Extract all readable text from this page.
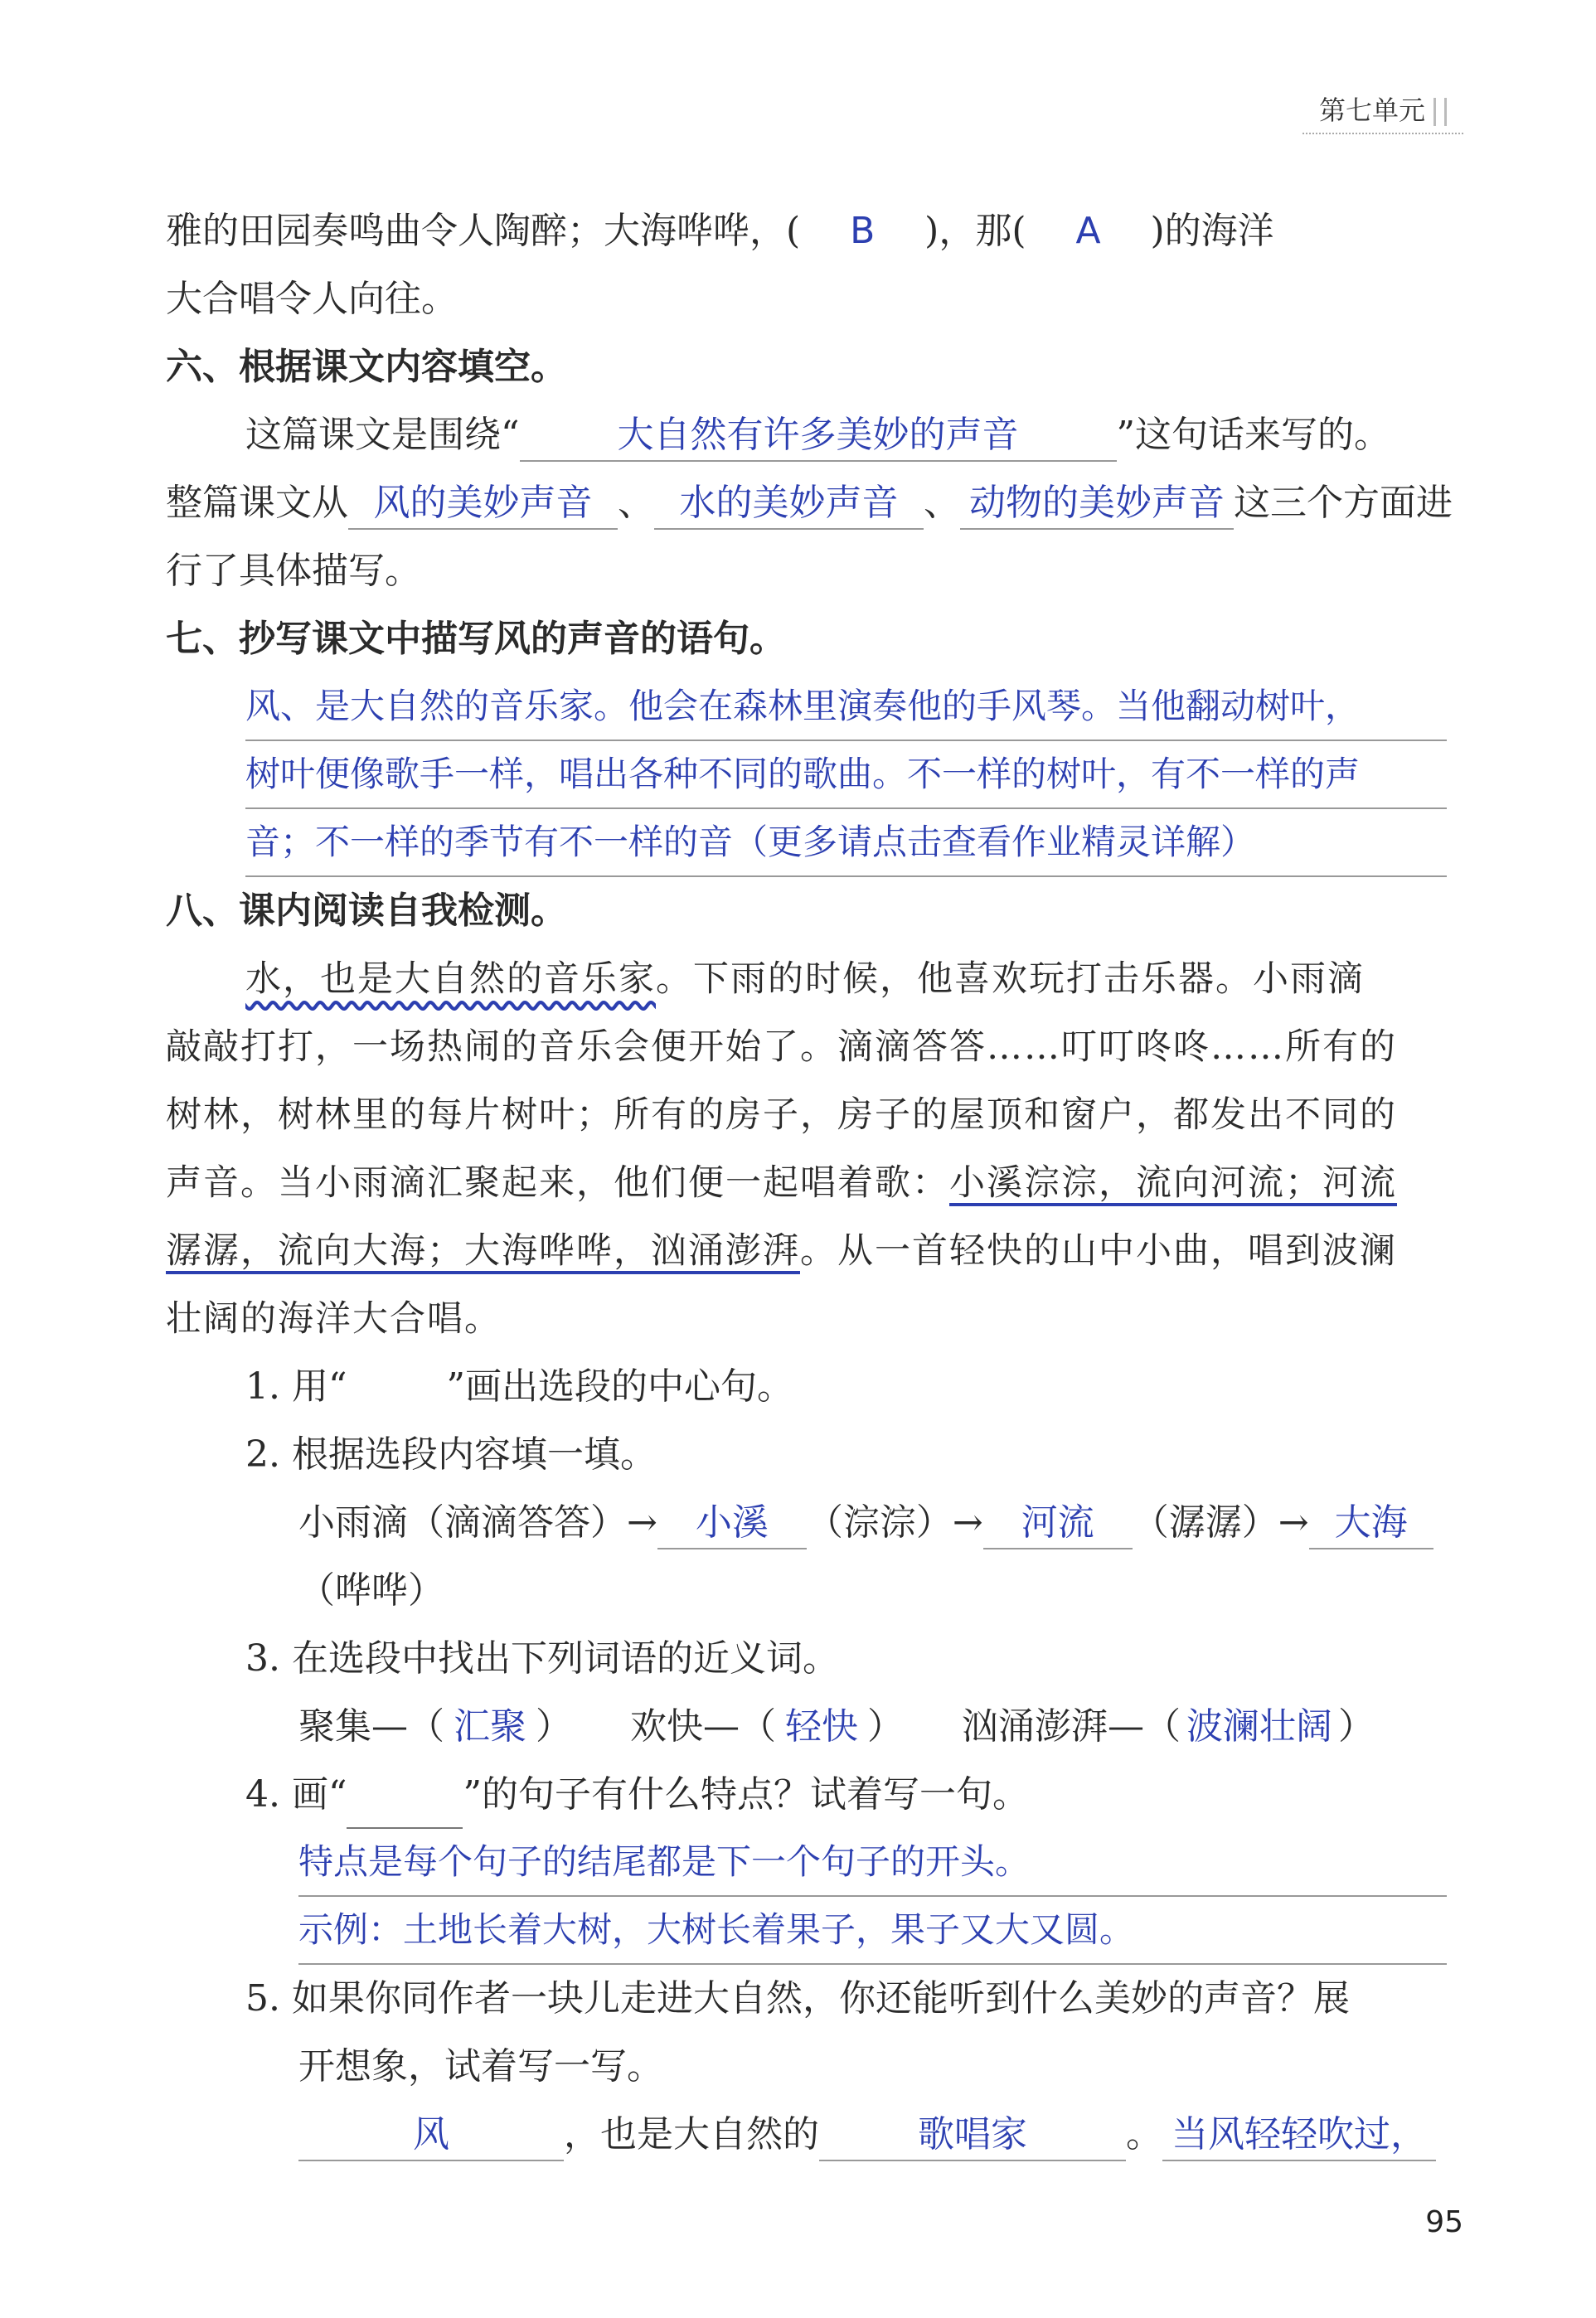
第七单元
雅的田园奏鸣曲令人陶醉；大海哗哗，( B )，那( A )的海洋
大合唱令人向往。
六、根据课文内容填空。
这篇课文是围绕“	大自然有许多美妙的声音	”这句话来写的。
整篇课文从 风的美妙声音 、 水的美妙声音 、 动物的美妙声音 这三个方面进
行了具体描写。
七、抄写课文中描写风的声音的语句。
风、是大自然的音乐家。他会在森林里演奏他的手风琴。当他翻动树叶，
树叶便像歌手一样，唱出各种不同的歌曲。不一样的树叶，有不一样的声
音；不一样的季节有不一样的音（更多请点击查看作业精灵详解）
八、课内阅读自我检测。
水，也是大自然的音乐家。下雨的时候，他喜欢玩打击乐器。小雨滴
敲敲打打，一场热闹的音乐会便开始了。滴滴答答……叮叮咚咚……所有的
树林，树林里的每片树叶；所有的房子，房子的屋顶和窗户，都发出不同的
声音。当小雨滴汇聚起来，他们便一起唱着歌：小溪淙淙，流向河流；河流
潺潺，流向大海；大海哗哗，汹涌澎湃。从一首轻快的山中小曲，唱到波澜
壮阔的海洋大合唱。
1. 用“	”画出选段的中心句。
2. 根据选段内容填一填。
小雨滴（滴滴答答）→ 小溪 （淙淙）→ 河流 （潺潺）→ 大海
（哗哗）
3. 在选段中找出下列词语的近义词。
聚集—（ 汇聚 ） 欢快—（ 轻快 ） 汹涌澎湃—（ 波澜壮阔 ）
4. 画“	”的句子有什么特点？试着写一句。
特点是每个句子的结尾都是下一个句子的开头。
示例：土地长着大树，大树长着果子，果子又大又圆。
5. 如果你同作者一块儿走进大自然，你还能听到什么美妙的声音？展
开想象，试着写一写。
风	，也是大自然的	歌唱家	。 当风轻轻吹过，
95
